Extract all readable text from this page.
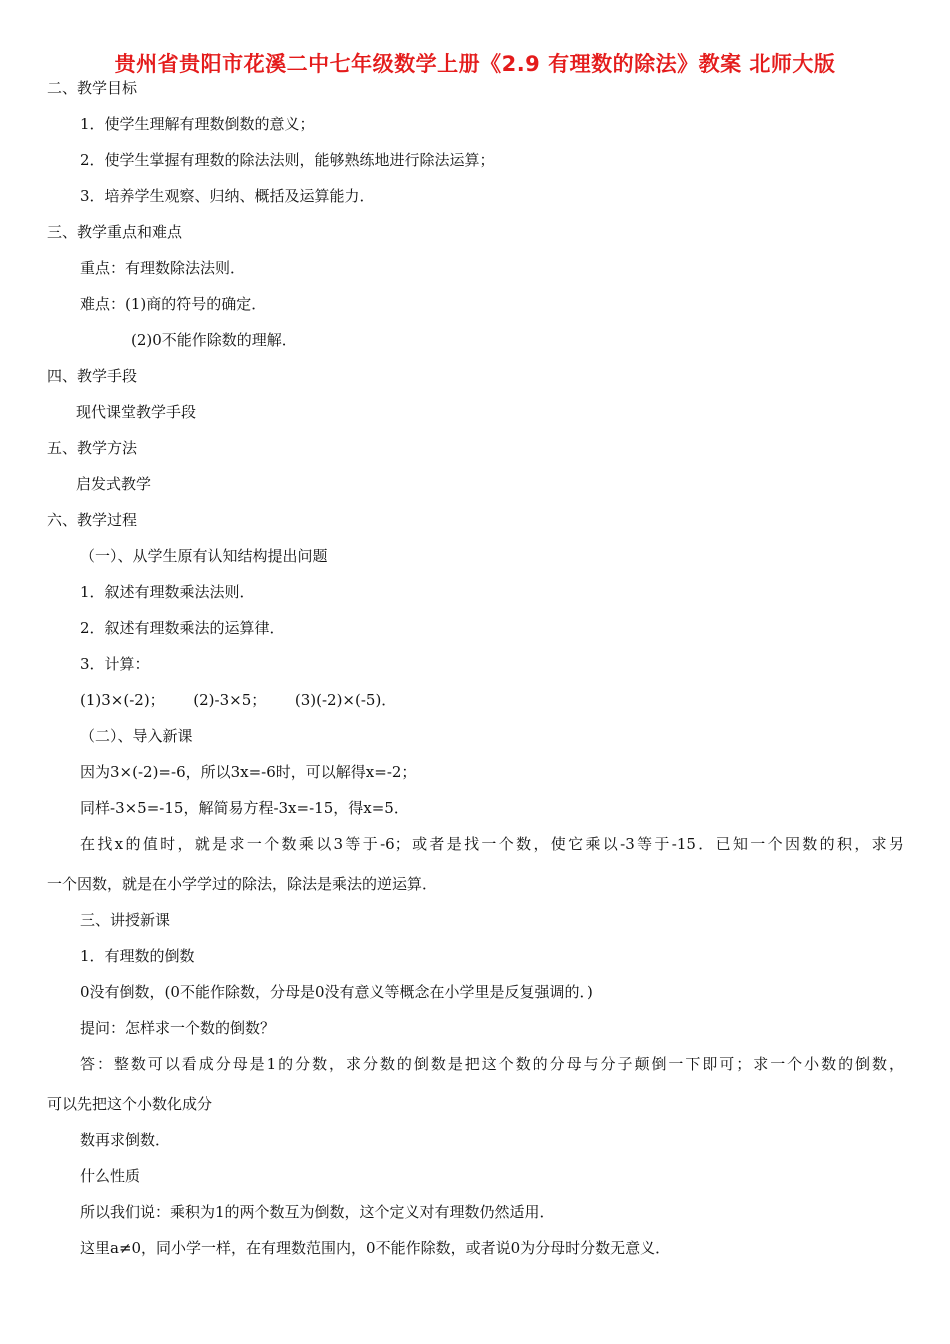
贵州省贵阳市花溪二中七年级数学上册《2.9 有理数的除法》教案 北师大版
二、教学目标
1．使学生理解有理数倒数的意义；
2．使学生掌握有理数的除法法则，能够熟练地进行除法运算；
3．培养学生观察、归纳、概括及运算能力．
三、教学重点和难点
重点：有理数除法法则．
难点：(1)商的符号的确定．
(2)0不能作除数的理解．
四、教学手段
现代课堂教学手段
五、教学方法
启发式教学
六、教学过程
（一）、从学生原有认知结构提出问题
1．叙述有理数乘法法则．
2．叙述有理数乘法的运算律．
3．计算：
(1)3×(-2)；      (2)-3×5；      (3)(-2)×(-5)．
（二）、导入新课
因为3×(-2)=-6，所以3x=-6时，可以解得x=-2；
同样-3×5=-15，解简易方程-3x=-15，得x=5．
在找x的值时，就是求一个数乘以3等于-6；或者是找一个数，使它乘以-3等于-15．已知一个因数的积，求另
一个因数，就是在小学学过的除法，除法是乘法的逆运算．
三、讲授新课
1．有理数的倒数
0没有倒数，(0不能作除数，分母是0没有意义等概念在小学里是反复强调的．)
提问：怎样求一个数的倒数？
答：整数可以看成分母是1的分数，求分数的倒数是把这个数的分母与分子颠倒一下即可；求一个小数的倒数，
可以先把这个小数化成分
数再求倒数．
什么性质
所以我们说：乘积为1的两个数互为倒数，这个定义对有理数仍然适用．
这里a≠0，同小学一样，在有理数范围内，0不能作除数，或者说0为分母时分数无意义．
